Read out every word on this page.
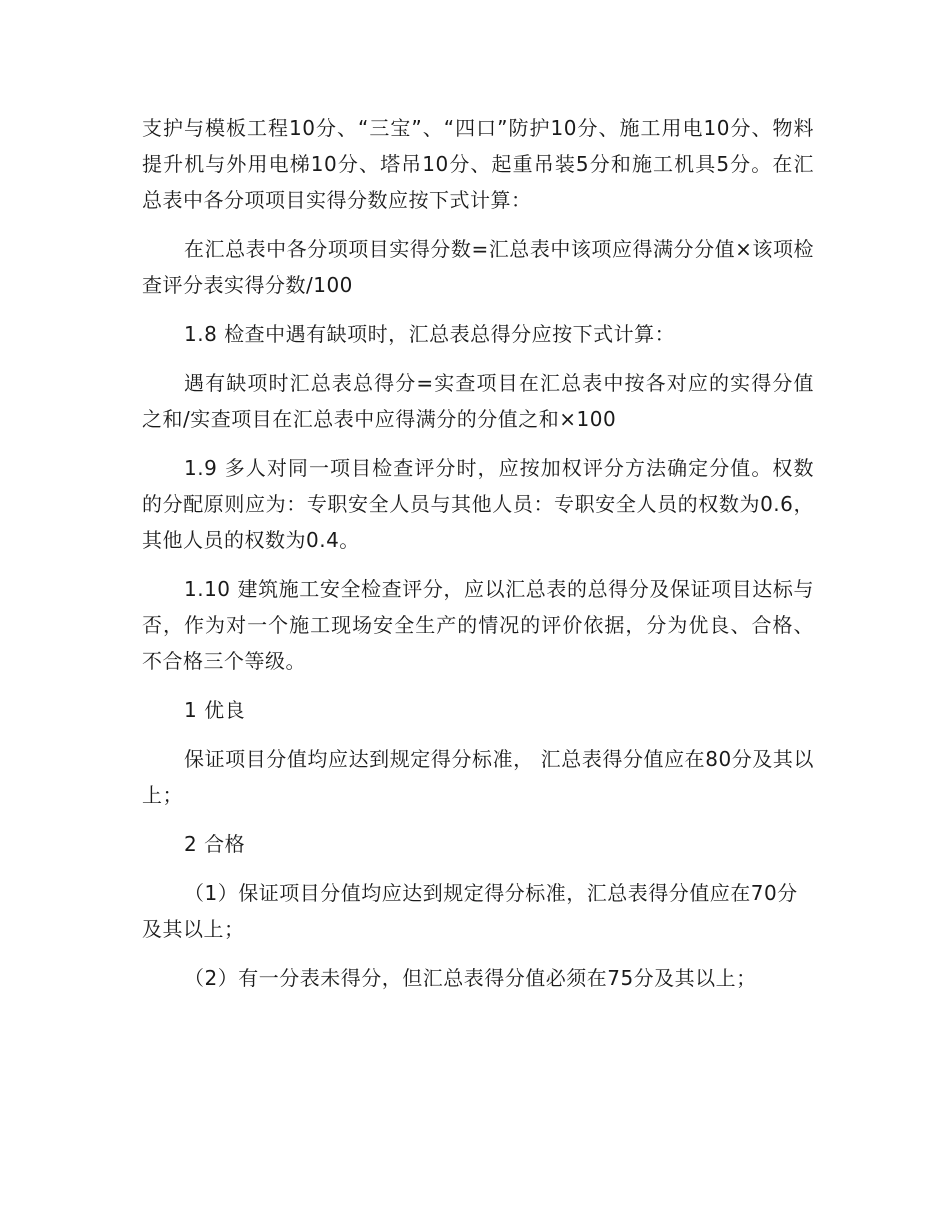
支护与模板工程10分、“三宝”、“四口”防护10分、施工用电10分、物料提升机与外用电梯10分、塔吊10分、起重吊装5分和施工机具5分。在汇总表中各分项项目实得分数应按下式计算：

在汇总表中各分项项目实得分数=汇总表中该项应得满分分值×该项检查评分表实得分数/100

1.8 检查中遇有缺项时，汇总表总得分应按下式计算：

遇有缺项时汇总表总得分=实查项目在汇总表中按各对应的实得分值之和/实查项目在汇总表中应得满分的分值之和×100

1.9 多人对同一项目检查评分时，应按加权评分方法确定分值。权数的分配原则应为：专职安全人员与其他人员：专职安全人员的权数为0.6，其他人员的权数为0.4。

1.10 建筑施工安全检查评分，应以汇总表的总得分及保证项目达标与否，作为对一个施工现场安全生产的情况的评价依据，分为优良、合格、不合格三个等级。

1 优良

保证项目分值均应达到规定得分标准， 汇总表得分值应在80分及其以上；

2 合格

（1）保证项目分值均应达到规定得分标准，汇总表得分值应在70分及其以上；

（2）有一分表未得分，但汇总表得分值必须在75分及其以上；
